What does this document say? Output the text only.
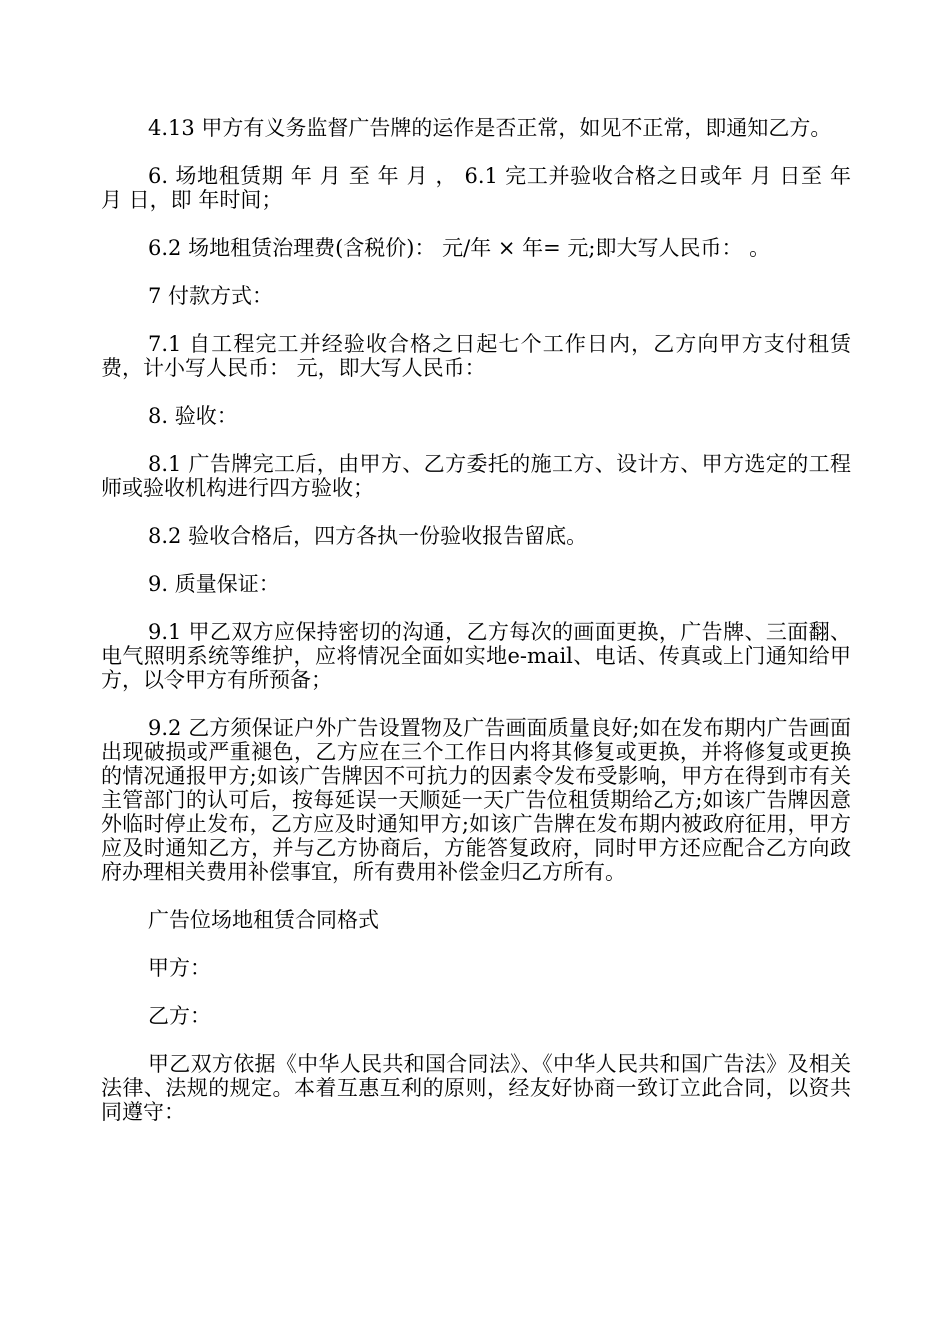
4.13 甲方有义务监督广告牌的运作是否正常，如见不正常，即通知乙方。

6. 场地租赁期 年 月 至 年 月 ， 6.1 完工并验收合格之日或年 月 日至 年 月 日，即 年时间；

6.2 场地租赁治理费(含税价)： 元/年 × 年= 元;即大写人民币： 。

7 付款方式：

7.1 自工程完工并经验收合格之日起七个工作日内，乙方向甲方支付租赁费，计小写人民币： 元，即大写人民币：

8. 验收：

8.1 广告牌完工后，由甲方、乙方委托的施工方、设计方、甲方选定的工程师或验收机构进行四方验收；

8.2 验收合格后，四方各执一份验收报告留底。

9. 质量保证：

9.1 甲乙双方应保持密切的沟通，乙方每次的画面更换，广告牌、三面翻、电气照明系统等维护，应将情况全面如实地e-mail、电话、传真或上门通知给甲方，以令甲方有所预备；

9.2 乙方须保证户外广告设置物及广告画面质量良好;如在发布期内广告画面出现破损或严重褪色，乙方应在三个工作日内将其修复或更换，并将修复或更换的情况通报甲方;如该广告牌因不可抗力的因素令发布受影响，甲方在得到市有关主管部门的认可后，按每延误一天顺延一天广告位租赁期给乙方;如该广告牌因意外临时停止发布，乙方应及时通知甲方;如该广告牌在发布期内被政府征用，甲方应及时通知乙方，并与乙方协商后，方能答复政府，同时甲方还应配合乙方向政府办理相关费用补偿事宜，所有费用补偿金归乙方所有。

广告位场地租赁合同格式

甲方：

乙方：

甲乙双方依据《中华人民共和国合同法》、《中华人民共和国广告法》及相关法律、法规的规定。本着互惠互利的原则，经友好协商一致订立此合同，以资共同遵守：
